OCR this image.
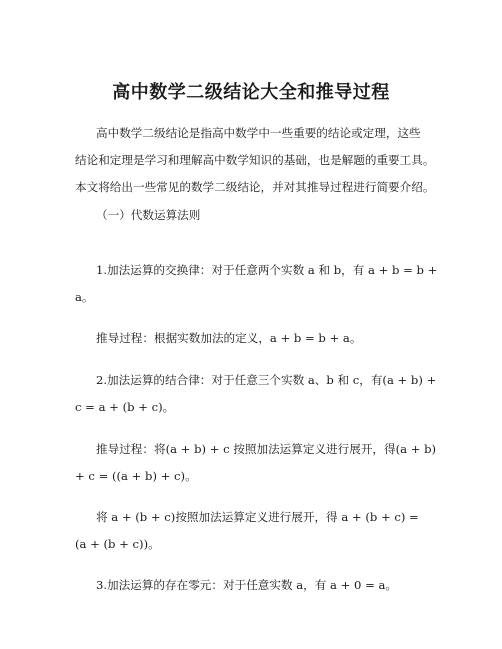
高中数学二级结论大全和推导过程
高中数学二级结论是指高中数学中一些重要的结论或定理，这些
结论和定理是学习和理解高中数学知识的基础，也是解题的重要工具。
本文将给出一些常见的数学二级结论，并对其推导过程进行简要介绍。
（一）代数运算法则
1.加法运算的交换律：对于任意两个实数 a 和 b，有 a + b = b +
a。
推导过程：根据实数加法的定义，a + b = b + a。
2.加法运算的结合律：对于任意三个实数 a、b 和 c，有(a + b) +
c = a + (b + c)。
推导过程：将(a + b) + c 按照加法运算定义进行展开，得(a + b)
+ c = ((a + b) + c)。
将 a + (b + c)按照加法运算定义进行展开，得 a + (b + c) =
(a + (b + c))。
3.加法运算的存在零元：对于任意实数 a，有 a + 0 = a。
